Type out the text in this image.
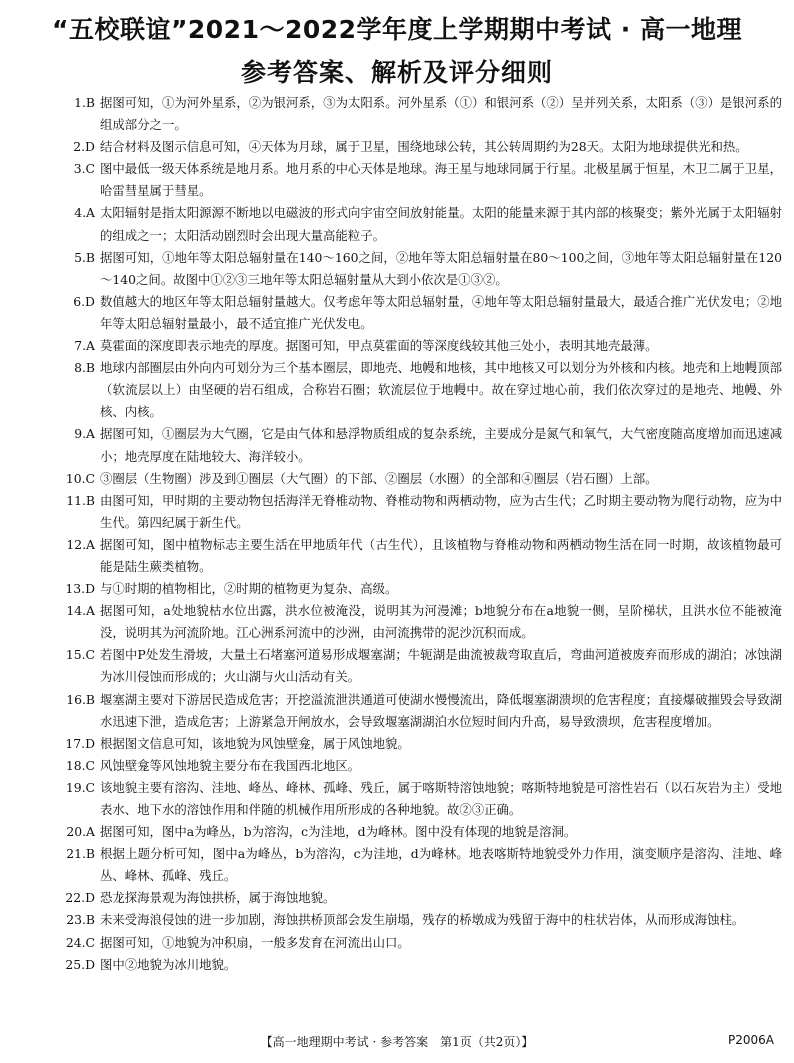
“五校联谊”2021～2022学年度上学期期中考试 · 高一地理
参考答案、解析及评分细则
1.B 据图可知，①为河外星系，②为银河系，③为太阳系。河外星系（①）和银河系（②）呈并列关系，太阳系（③）是银河系的组成部分之一。
2.D 结合材料及图示信息可知，④天体为月球，属于卫星，围绕地球公转，其公转周期约为28天。太阳为地球提供光和热。
3.C 图中最低一级天体系统是地月系。地月系的中心天体是地球。海王星与地球同属于行星。北极星属于恒星，木卫二属于卫星，哈雷彗星属于彗星。
4.A 太阳辐射是指太阳源源不断地以电磁波的形式向宇宙空间放射能量。太阳的能量来源于其内部的核聚变；紫外光属于太阳辐射的组成之一；太阳活动剧烈时会出现大量高能粒子。
5.B 据图可知，①地年等太阳总辐射量在140～160之间，②地年等太阳总辐射量在80～100之间，③地年等太阳总辐射量在120～140之间。故图中①②③三地年等太阳总辐射量从大到小依次是①③②。
6.D 数值越大的地区年等太阳总辐射量越大。仅考虑年等太阳总辐射量，④地年等太阳总辐射量最大，最适合推广光伏发电；②地年等太阳总辐射量最小，最不适宜推广光伏发电。
7.A 莫霍面的深度即表示地壳的厚度。据图可知，甲点莫霍面的等深度线较其他三处小，表明其地壳最薄。
8.B 地球内部圈层由外向内可划分为三个基本圈层，即地壳、地幔和地核，其中地核又可以划分为外核和内核。地壳和上地幔顶部（软流层以上）由坚硬的岩石组成，合称岩石圈；软流层位于地幔中。故在穿过地心前，我们依次穿过的是地壳、地幔、外核、内核。
9.A 据图可知，①圈层为大气圈，它是由气体和悬浮物质组成的复杂系统，主要成分是氮气和氧气，大气密度随高度增加而迅速减小；地壳厚度在陆地较大、海洋较小。
10.C ③圈层（生物圈）涉及到①圈层（大气圈）的下部、②圈层（水圈）的全部和④圈层（岩石圈）上部。
11.B 由图可知，甲时期的主要动物包括海洋无脊椎动物、脊椎动物和两栖动物，应为古生代；乙时期主要动物为爬行动物，应为中生代。第四纪属于新生代。
12.A 据图可知，图中植物标志主要生活在甲地质年代（古生代），且该植物与脊椎动物和两栖动物生活在同一时期，故该植物最可能是陆生蕨类植物。
13.D 与①时期的植物相比，②时期的植物更为复杂、高级。
14.A 据图可知，a处地貌枯水位出露，洪水位被淹没，说明其为河漫滩；b地貌分布在a地貌一侧，呈阶梯状，且洪水位不能被淹没，说明其为河流阶地。江心洲系河流中的沙洲，由河流携带的泥沙沉积而成。
15.C 若图中P处发生滑坡，大量土石堵塞河道易形成堰塞湖；牛轭湖是曲流被裁弯取直后，弯曲河道被废弃而形成的湖泊；冰蚀湖为冰川侵蚀而形成的；火山湖与火山活动有关。
16.B 堰塞湖主要对下游居民造成危害；开挖溢流泄洪通道可使湖水慢慢流出，降低堰塞湖溃坝的危害程度；直接爆破摧毁会导致湖水迅速下泄，造成危害；上游紧急开闸放水，会导致堰塞湖湖泊水位短时间内升高，易导致溃坝，危害程度增加。
17.D 根据图文信息可知，该地貌为风蚀壁龛，属于风蚀地貌。
18.C 风蚀壁龛等风蚀地貌主要分布在我国西北地区。
19.C 该地貌主要有溶沟、洼地、峰丛、峰林、孤峰、残丘，属于喀斯特溶蚀地貌；喀斯特地貌是可溶性岩石（以石灰岩为主）受地表水、地下水的溶蚀作用和伴随的机械作用所形成的各种地貌。故②③正确。
20.A 据图可知，图中a为峰丛，b为溶沟，c为洼地，d为峰林。图中没有体现的地貌是溶洞。
21.B 根据上题分析可知，图中a为峰丛，b为溶沟，c为洼地，d为峰林。地表喀斯特地貌受外力作用，演变顺序是溶沟、洼地、峰丛、峰林、孤峰、残丘。
22.D 恐龙探海景观为海蚀拱桥，属于海蚀地貌。
23.B 未来受海浪侵蚀的进一步加剧，海蚀拱桥顶部会发生崩塌，残存的桥墩成为残留于海中的柱状岩体，从而形成海蚀柱。
24.C 据图可知，①地貌为冲积扇，一般多发育在河流出山口。
25.D 图中②地貌为冰川地貌。
【高一地理期中考试 · 参考答案　第1页（共2页）】	P2006A
